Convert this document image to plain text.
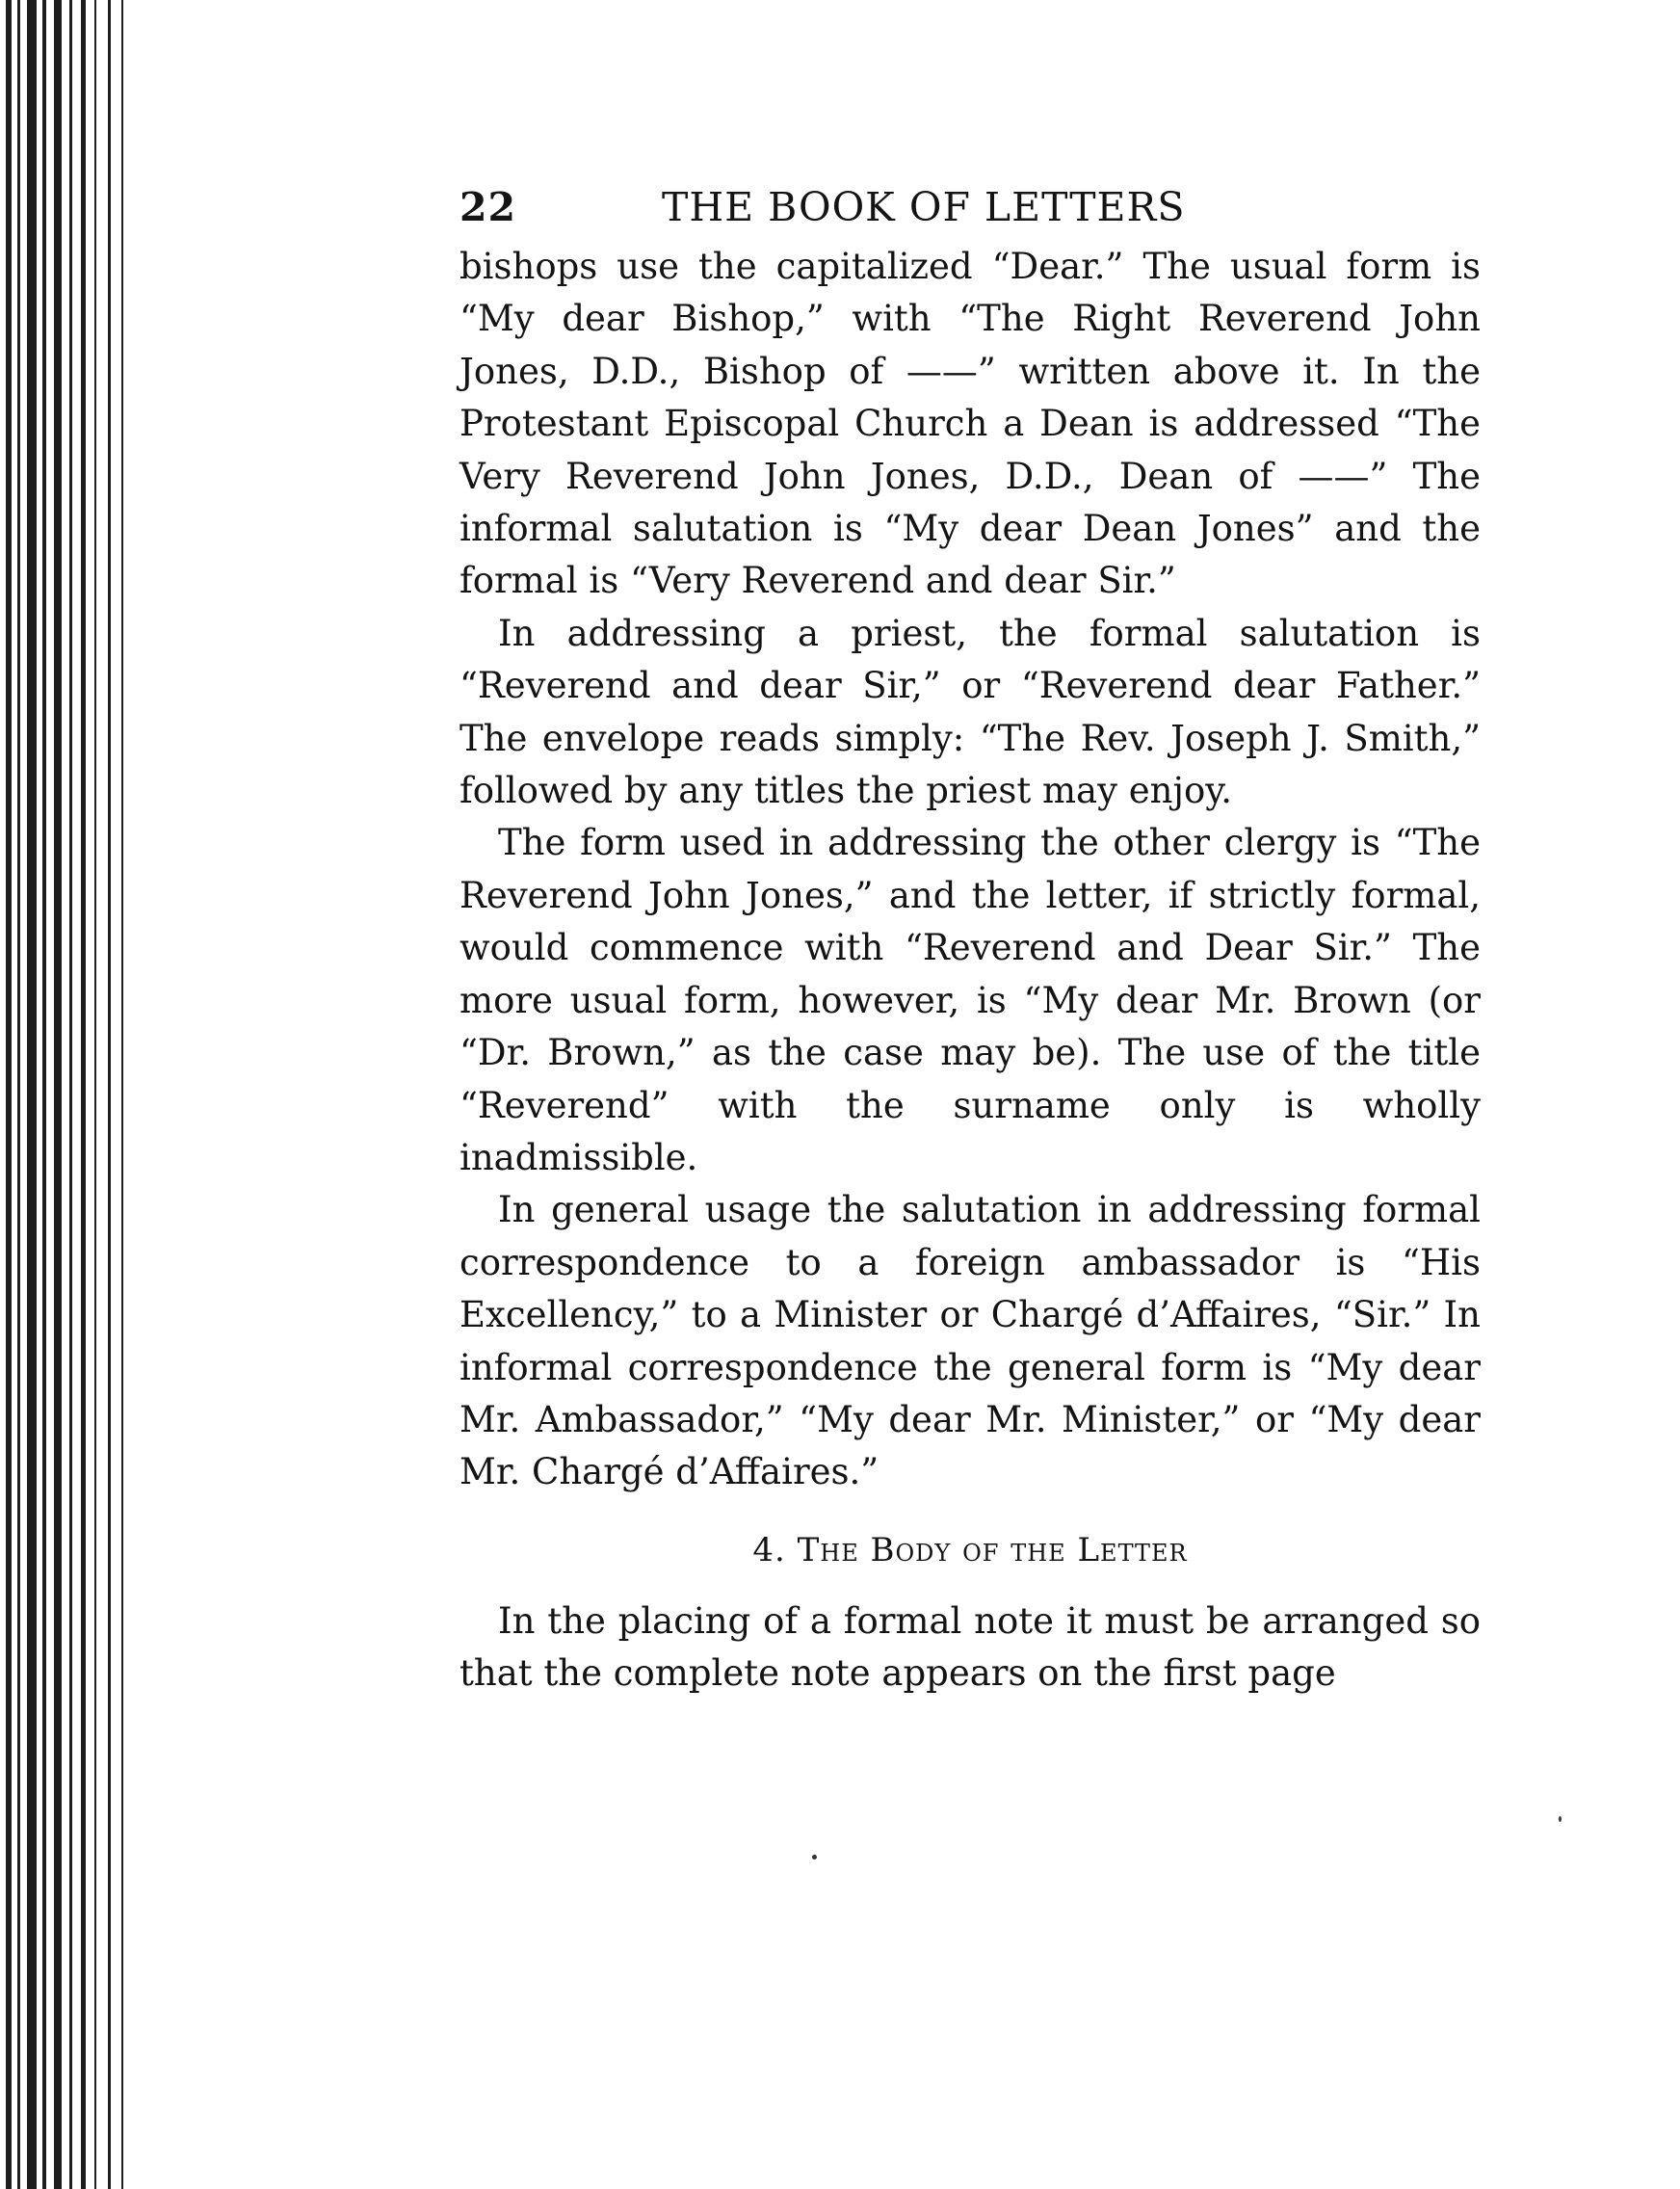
22	THE BOOK OF LETTERS

bishops use the capitalized “Dear.” The usual form is “My dear Bishop,” with “The Right Reverend John Jones, D.D., Bishop of ——” written above it. In the Protestant Episcopal Church a Dean is addressed “The Very Reverend John Jones, D.D., Dean of ——” The informal salutation is “My dear Dean Jones” and the formal is “Very Reverend and dear Sir.”

In addressing a priest, the formal salutation is “Reverend and dear Sir,” or “Reverend dear Father.” The envelope reads simply: “The Rev. Joseph J. Smith,” followed by any titles the priest may enjoy.

The form used in addressing the other clergy is “The Reverend John Jones,” and the letter, if strictly formal, would commence with “Reverend and Dear Sir.” The more usual form, however, is “My dear Mr. Brown (or “Dr. Brown,” as the case may be). The use of the title “Reverend” with the surname only is wholly inadmissible.

In general usage the salutation in addressing formal correspondence to a foreign ambassador is “His Excellency,” to a Minister or Chargé d’Affaires, “Sir.” In informal correspondence the general form is “My dear Mr. Ambassador,” “My dear Mr. Minister,” or “My dear Mr. Chargé d’Affaires.”

4. The Body of the Letter

In the placing of a formal note it must be arranged so that the complete note appears on the first page
